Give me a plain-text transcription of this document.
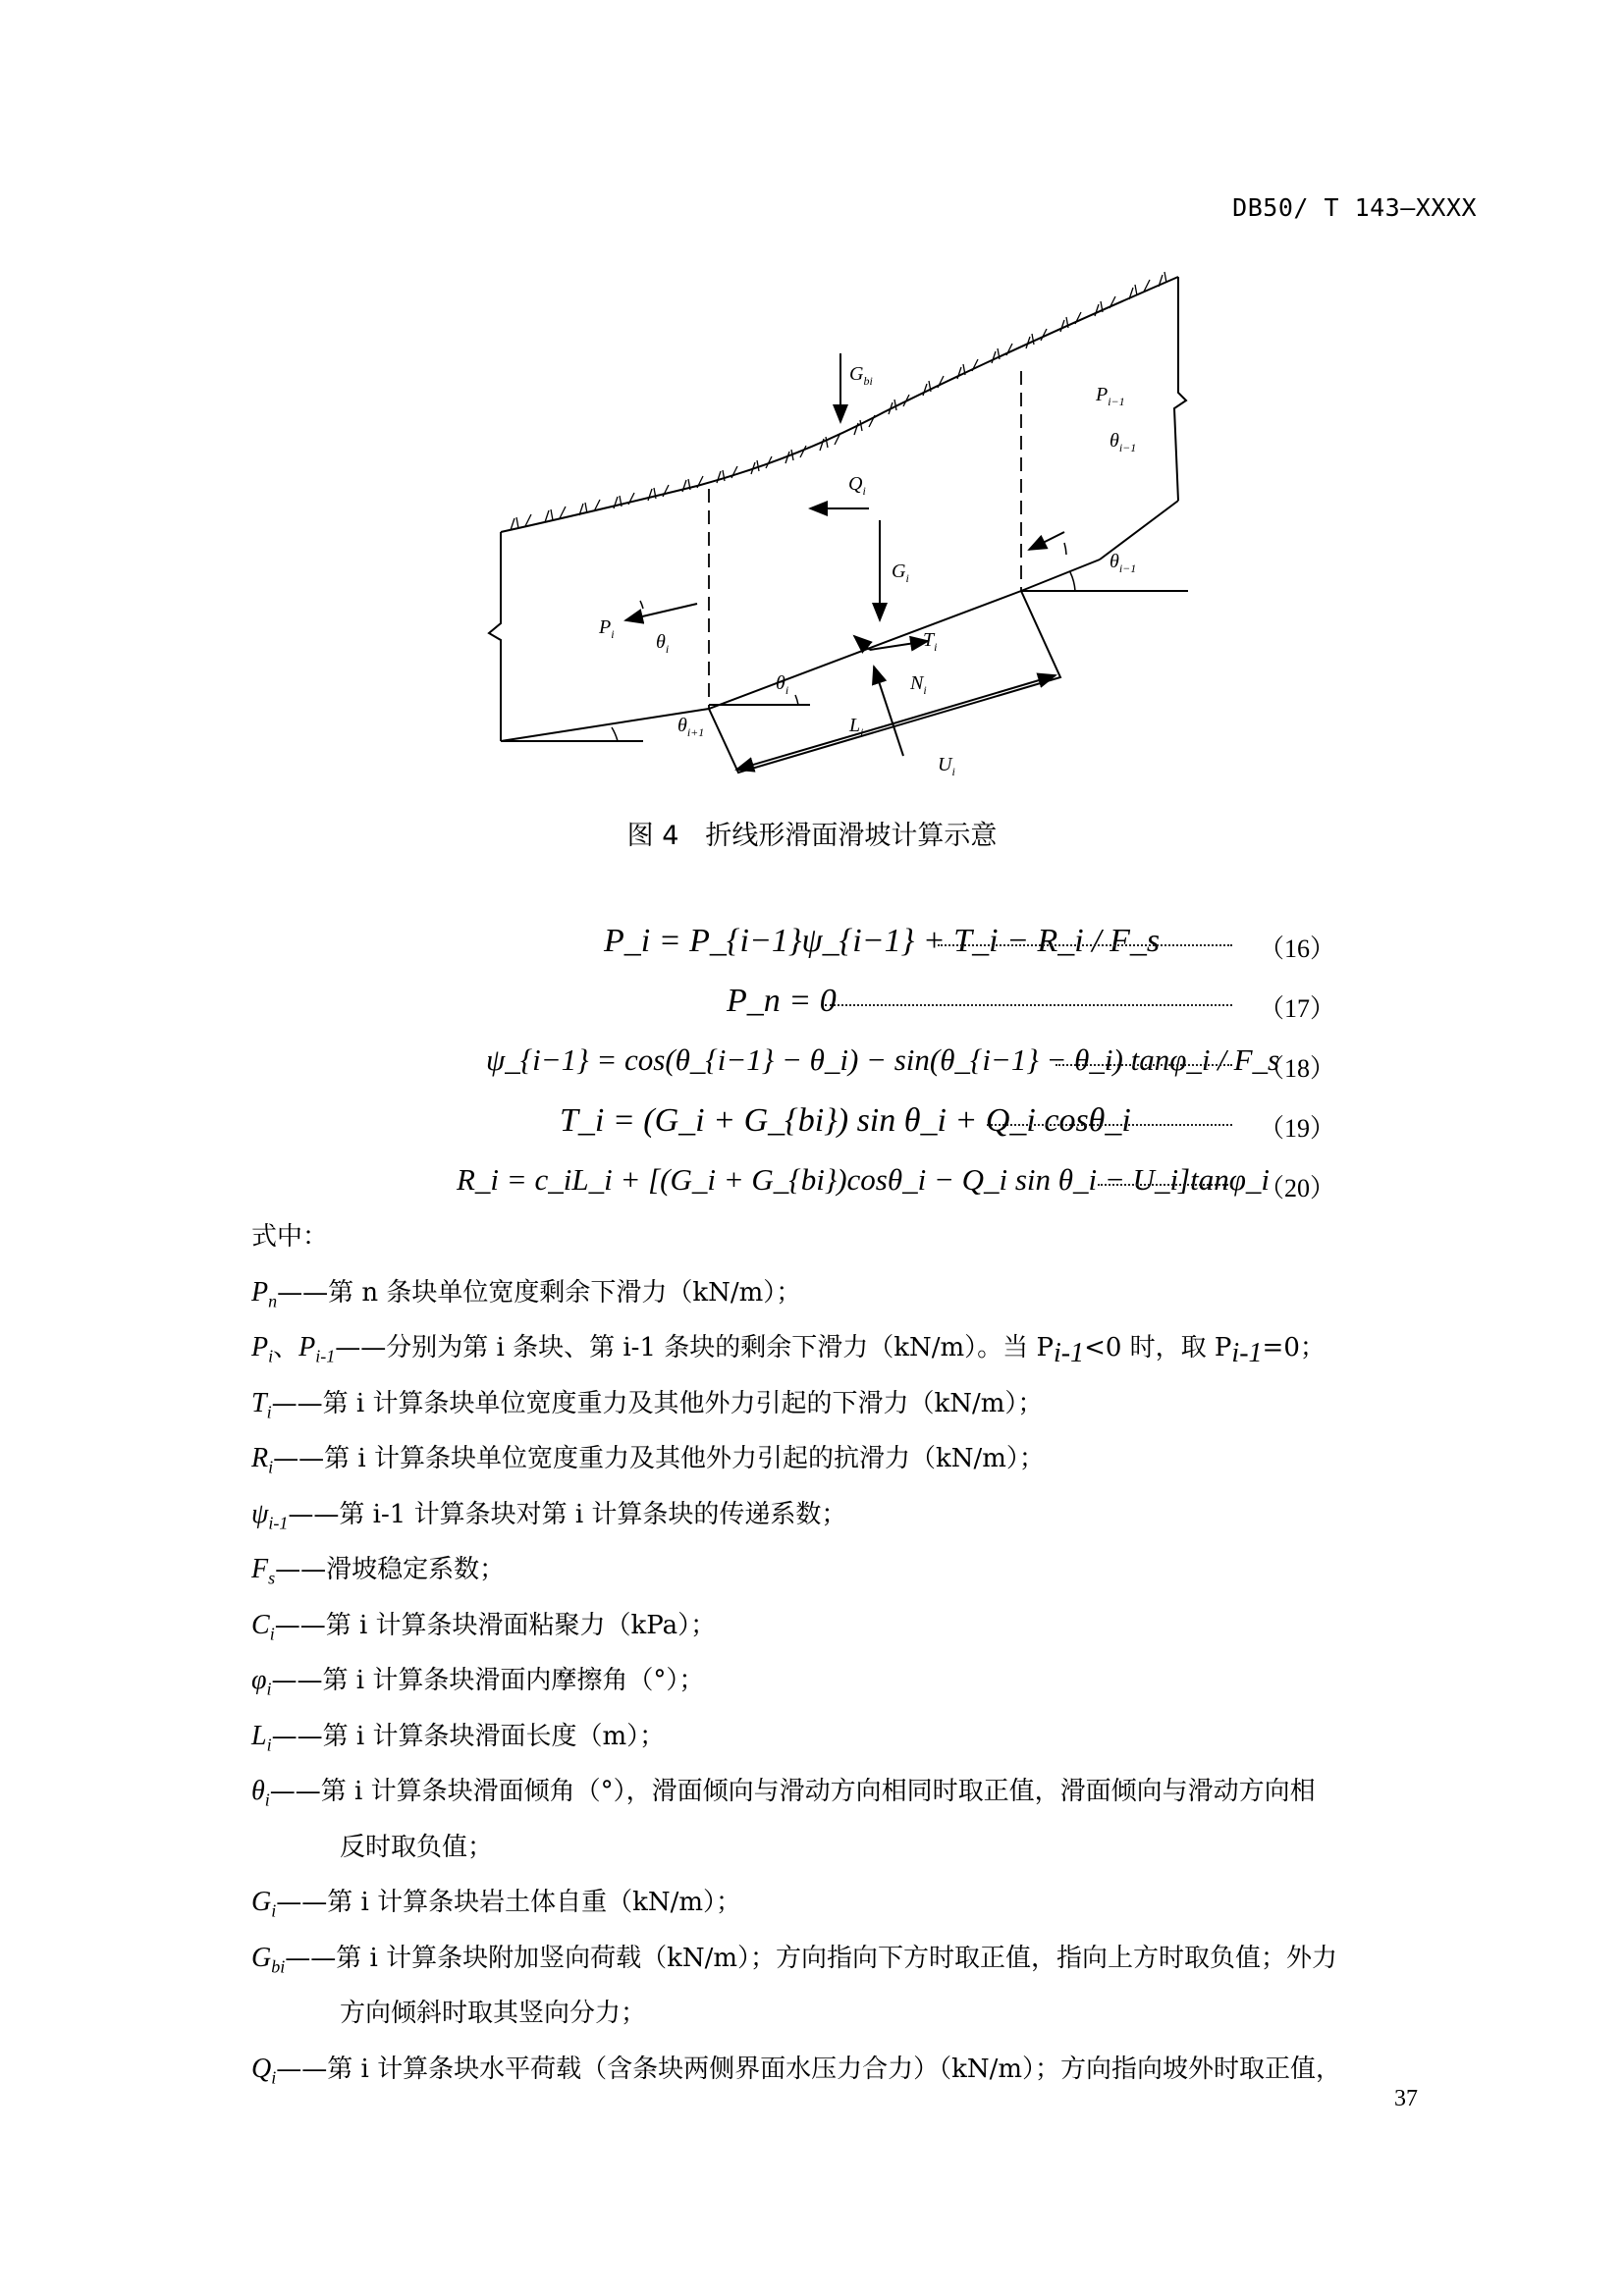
DB50/ T 143—XXXX
$G_{bi}$
$P_{i-1}$
$\theta_{i-1}$
$Q_i$
$G_i$
$\theta_{i-1}$
$P_i$ $\theta_i$	$T_i$
$\theta_i$	$N_i$
$\theta_{i+1}$	$L_i$
$U_i$
图 4　折线形滑面滑坡计算示意
P_i = P_{i−1}ψ_{i−1} + T_i − R_i / F_s	（16）
P_n = 0	（17）
ψ_{i−1} = cos(θ_{i−1} − θ_i) − sin(θ_{i−1} − θ_i) tanφ_i / F_s
（18）
T_i = (G_i + G_{bi}) sin θ_i + Q_i cosθ_i	（19）
R_i = c_iL_i + [(G_i + G_{bi})cosθ_i − Q_i sin θ_i − U_i]tanφ_i
（20）
式中：
$P_n——$第 n 条块单位宽度剩余下滑力（kN/m）；
$P_i$、$P_{i-1}——$分别为第 i 条块、第 i-1 条块的剩余下滑力（kN/m）。当 $P_{i-1}<0$ 时，取 $P_{i-1}=0$；
$T_i——$第 i 计算条块单位宽度重力及其他外力引起的下滑力（kN/m）；
$R_i——$第 i 计算条块单位宽度重力及其他外力引起的抗滑力（kN/m）；
$\psi_{i-1}——$第 i-1 计算条块对第 i 计算条块的传递系数；
$F_s——$滑坡稳定系数；
$C_i——$第 i 计算条块滑面粘聚力（kPa）；
$\varphi_i——$第 i 计算条块滑面内摩擦角（°）；
$L_i——$第 i 计算条块滑面长度（m）；
$\theta_i——$第 i 计算条块滑面倾角（°），滑面倾向与滑动方向相同时取正值，滑面倾向与滑动方向相
反时取负值；
$G_i——$第 i 计算条块岩土体自重（kN/m）；
$G_{bi}——$第 i 计算条块附加竖向荷载（kN/m）；方向指向下方时取正值，指向上方时取负值；外力
方向倾斜时取其竖向分力；
$Q_i——$第 i 计算条块水平荷载（含条块两侧界面水压力合力）（kN/m）；方向指向坡外时取正值，
37
